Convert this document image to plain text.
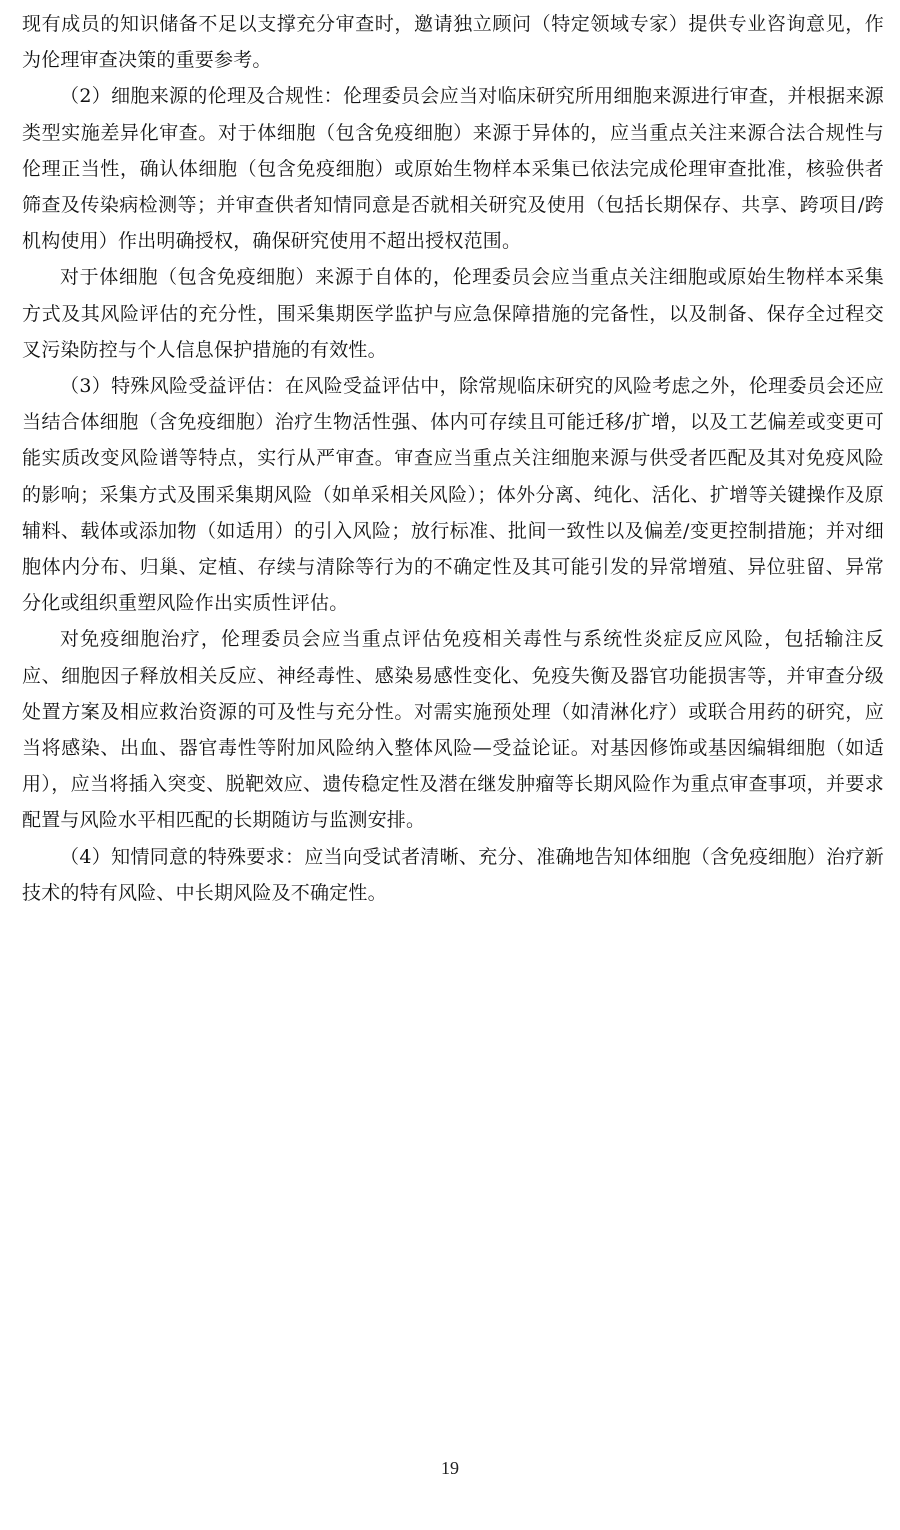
现有成员的知识储备不足以支撑充分审查时，邀请独立顾问（特定领域专家）提供专业咨询意见，作为伦理审查决策的重要参考。

（2）细胞来源的伦理及合规性：伦理委员会应当对临床研究所用细胞来源进行审查，并根据来源类型实施差异化审查。对于体细胞（包含免疫细胞）来源于异体的，应当重点关注来源合法合规性与伦理正当性，确认体细胞（包含免疫细胞）或原始生物样本采集已依法完成伦理审查批准，核验供者筛查及传染病检测等；并审查供者知情同意是否就相关研究及使用（包括长期保存、共享、跨项目/跨机构使用）作出明确授权，确保研究使用不超出授权范围。

对于体细胞（包含免疫细胞）来源于自体的，伦理委员会应当重点关注细胞或原始生物样本采集方式及其风险评估的充分性，围采集期医学监护与应急保障措施的完备性，以及制备、保存全过程交叉污染防控与个人信息保护措施的有效性。

（3）特殊风险受益评估：在风险受益评估中，除常规临床研究的风险考虑之外，伦理委员会还应当结合体细胞（含免疫细胞）治疗生物活性强、体内可存续且可能迁移/扩增，以及工艺偏差或变更可能实质改变风险谱等特点，实行从严审查。审查应当重点关注细胞来源与供受者匹配及其对免疫风险的影响；采集方式及围采集期风险（如单采相关风险）；体外分离、纯化、活化、扩增等关键操作及原辅料、载体或添加物（如适用）的引入风险；放行标准、批间一致性以及偏差/变更控制措施；并对细胞体内分布、归巢、定植、存续与清除等行为的不确定性及其可能引发的异常增殖、异位驻留、异常分化或组织重塑风险作出实质性评估。

对免疫细胞治疗，伦理委员会应当重点评估免疫相关毒性与系统性炎症反应风险，包括输注反应、细胞因子释放相关反应、神经毒性、感染易感性变化、免疫失衡及器官功能损害等，并审查分级处置方案及相应救治资源的可及性与充分性。对需实施预处理（如清淋化疗）或联合用药的研究，应当将感染、出血、器官毒性等附加风险纳入整体风险—受益论证。对基因修饰或基因编辑细胞（如适用），应当将插入突变、脱靶效应、遗传稳定性及潜在继发肿瘤等长期风险作为重点审查事项，并要求配置与风险水平相匹配的长期随访与监测安排。

（4）知情同意的特殊要求：应当向受试者清晰、充分、准确地告知体细胞（含免疫细胞）治疗新技术的特有风险、中长期风险及不确定性。

19
